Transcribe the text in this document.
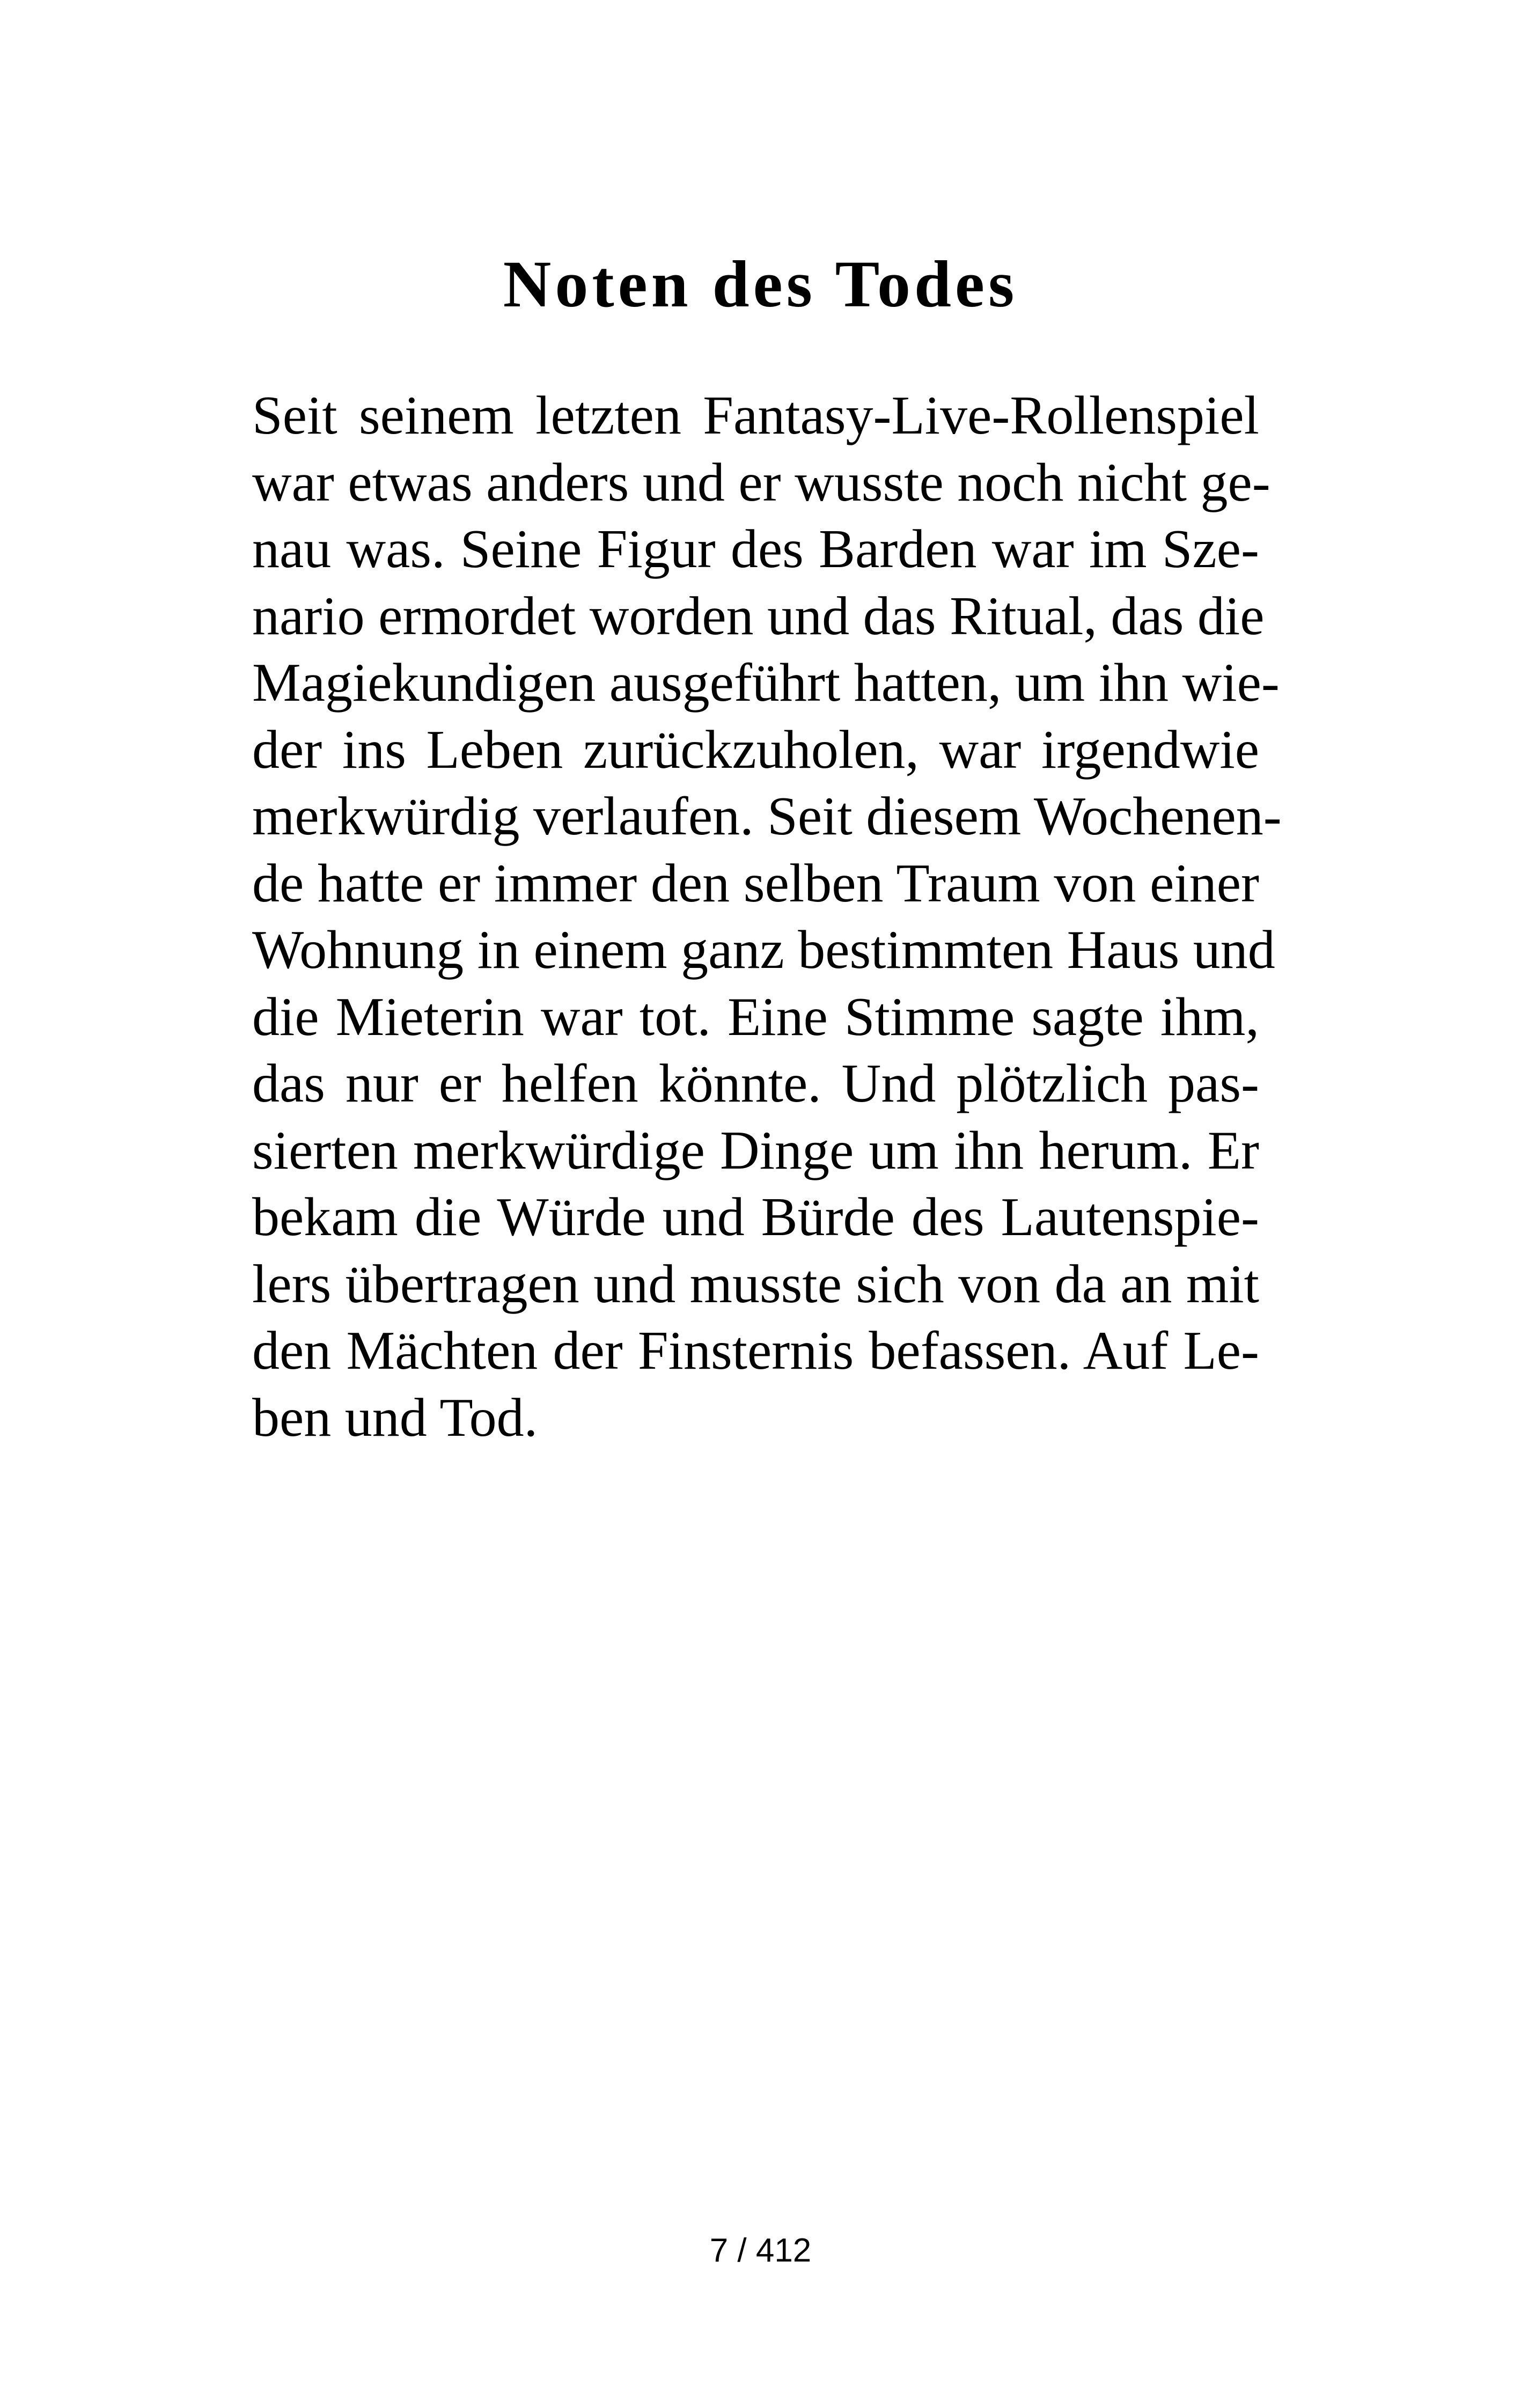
Noten des Todes
Seit seinem letzten Fantasy-Live-Rollenspiel
war etwas anders und er wusste noch nicht ge-
nau was. Seine Figur des Barden war im Sze-
nario ermordet worden und das Ritual, das die
Magiekundigen ausgeführt hatten, um ihn wie-
der ins Leben zurückzuholen, war irgendwie
merkwürdig verlaufen. Seit diesem Wochenen-
de hatte er immer den selben Traum von einer
Wohnung in einem ganz bestimmten Haus und
die Mieterin war tot. Eine Stimme sagte ihm,
das nur er helfen könnte. Und plötzlich pas-
sierten merkwürdige Dinge um ihn herum. Er
bekam die Würde und Bürde des Lautenspie-
lers übertragen und musste sich von da an mit
den Mächten der Finsternis befassen. Auf Le-
ben und Tod.
7 / 412
